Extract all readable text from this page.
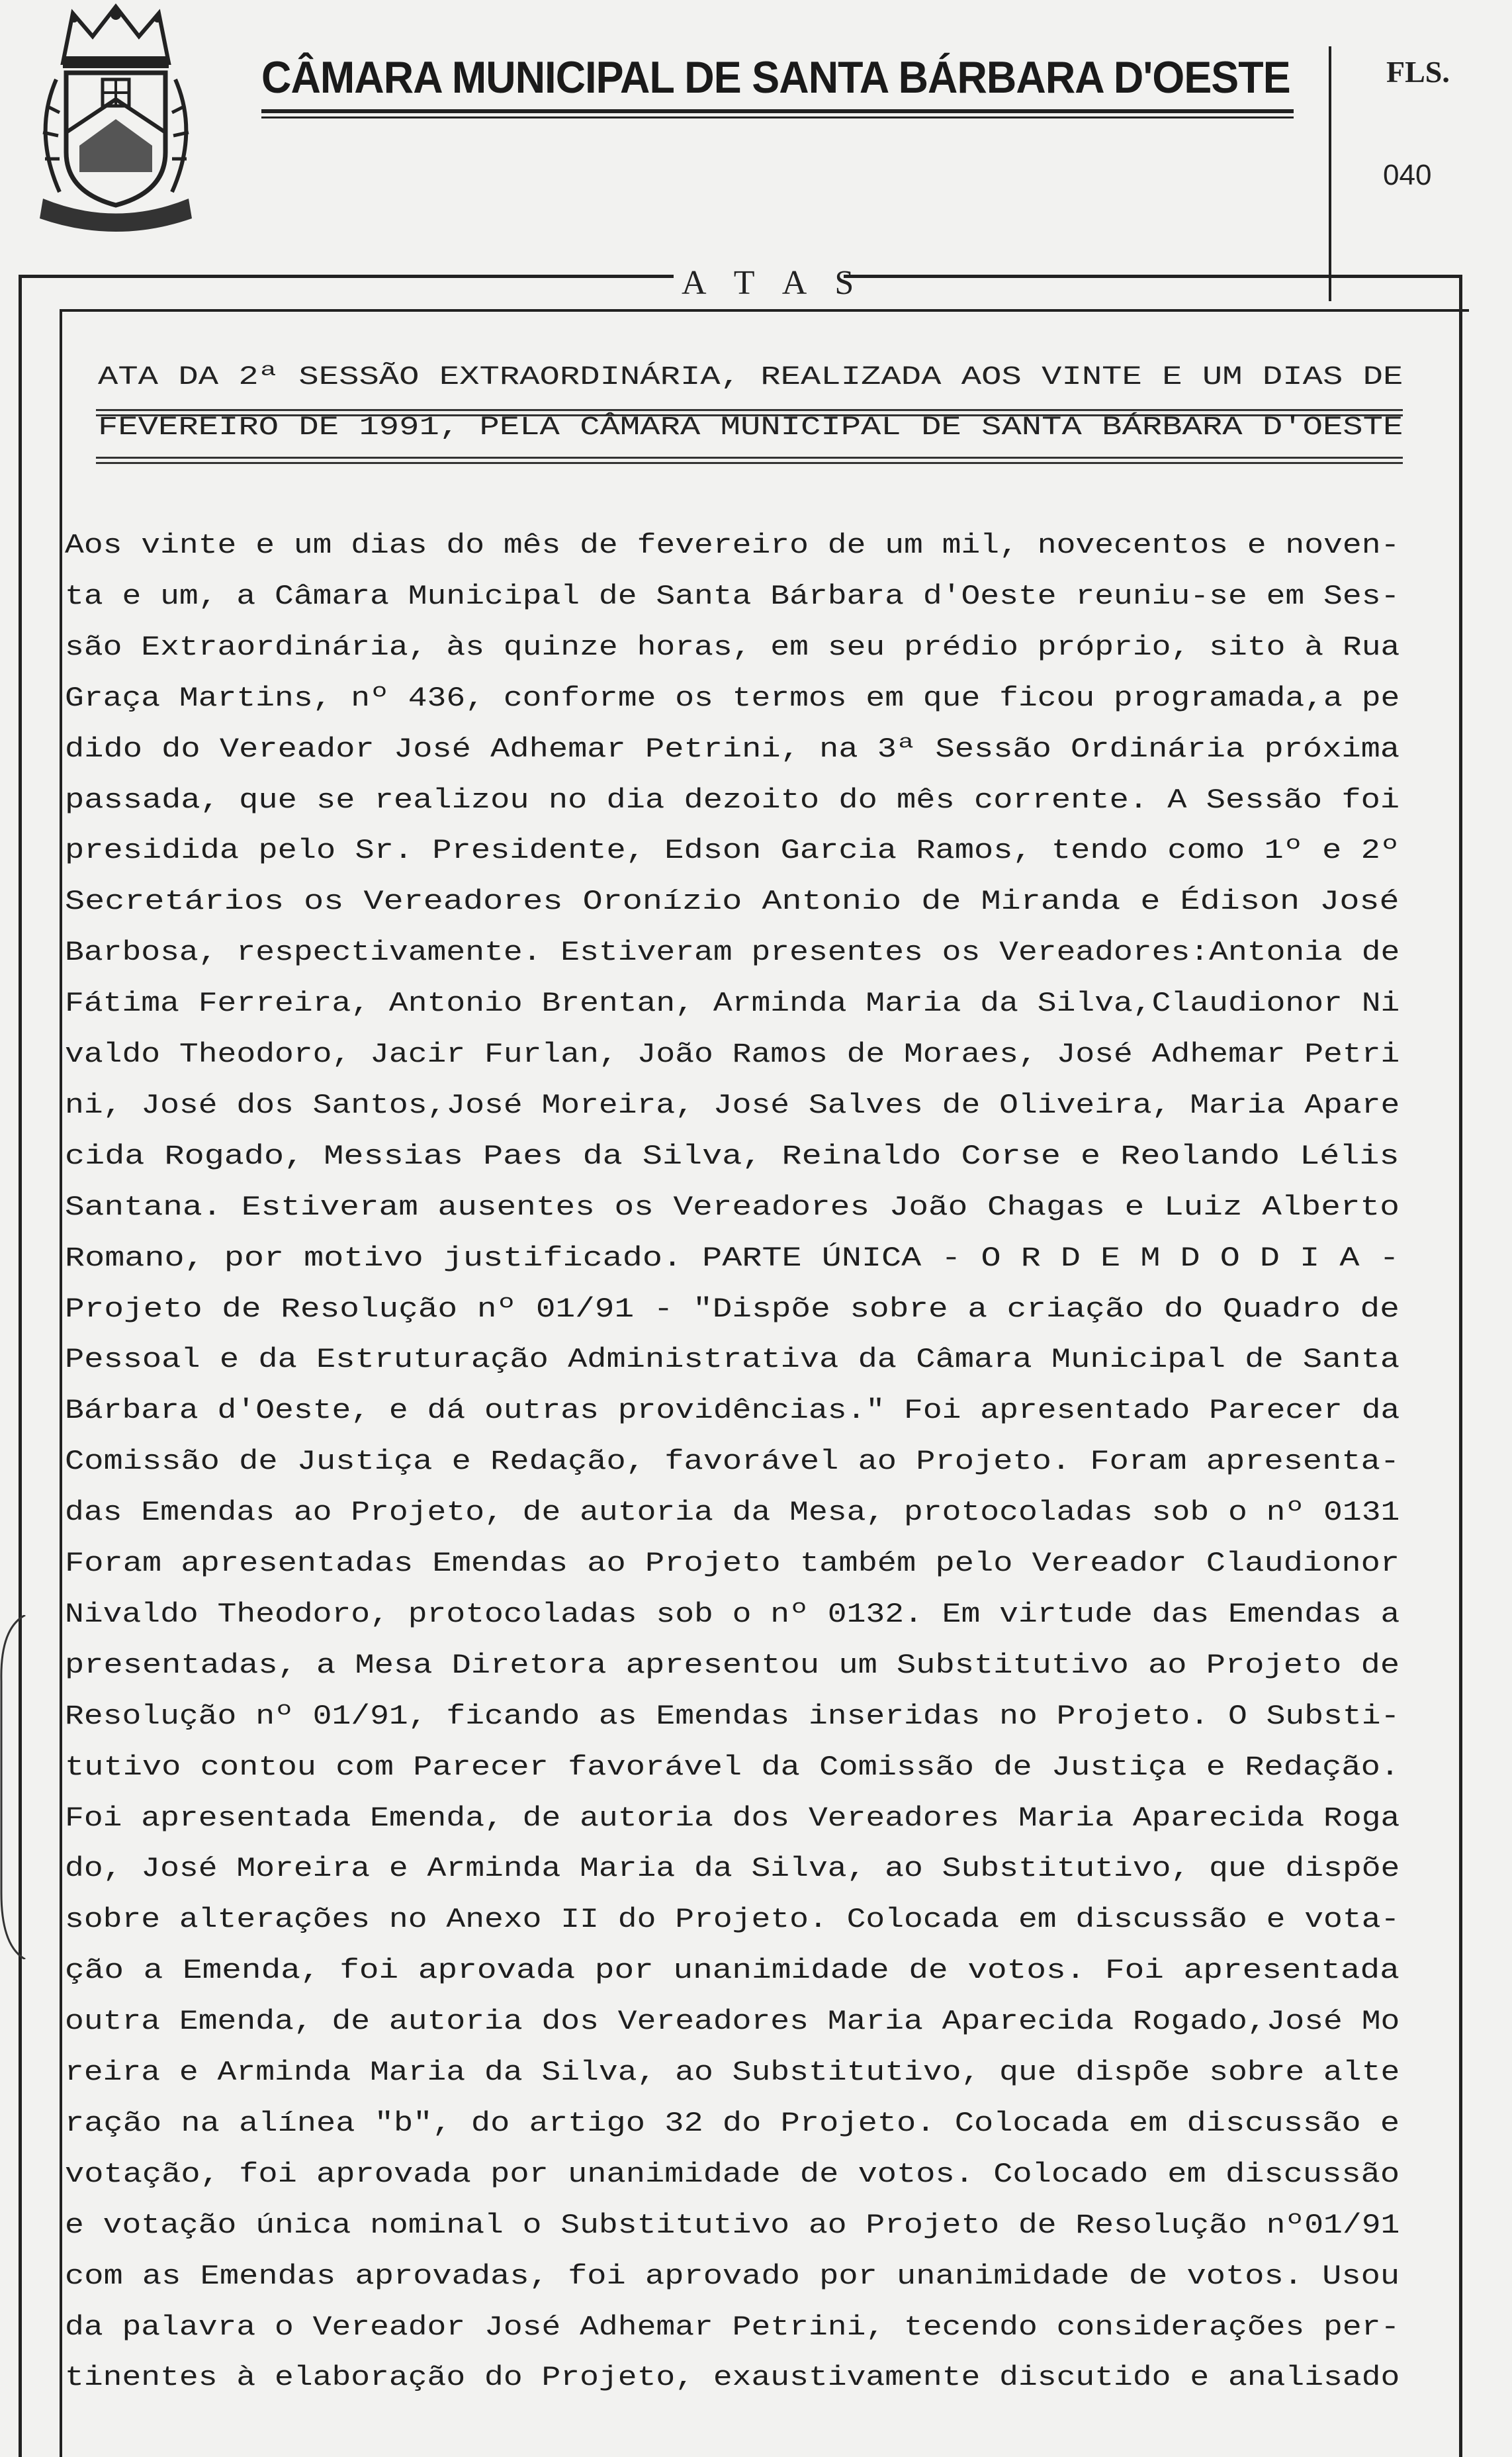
CÂMARA MUNICIPAL DE SANTA BÁRBARA D'OESTE	FLS.
040
A T A S
ATA DA 2ª SESSÃO EXTRAORDINÁRIA, REALIZADA AOS VINTE E UM DIAS DE
FEVEREIRO DE 1991, PELA CÂMARA MUNICIPAL DE SANTA BÁRBARA D'OESTE
Aos vinte e um dias do mês de fevereiro de um mil, novecentos e noven-
ta e um, a Câmara Municipal de Santa Bárbara d'Oeste reuniu-se em Ses-
são Extraordinária, às quinze horas, em seu prédio próprio, sito à Rua
Graça Martins, nº 436, conforme os termos em que ficou programada,a pe
dido do Vereador José Adhemar Petrini, na 3ª Sessão Ordinária próxima
passada, que se realizou no dia dezoito do mês corrente. A Sessão foi
presidida pelo Sr. Presidente, Edson Garcia Ramos, tendo como 1º e 2º
Secretários os Vereadores Oronízio Antonio de Miranda e Édison José
Barbosa, respectivamente. Estiveram presentes os Vereadores:Antonia de
Fátima Ferreira, Antonio Brentan, Arminda Maria da Silva,Claudionor Ni
valdo Theodoro, Jacir Furlan, João Ramos de Moraes, José Adhemar Petri
ni, José dos Santos,José Moreira, José Salves de Oliveira, Maria Apare
cida Rogado, Messias Paes da Silva, Reinaldo Corse e Reolando Lélis
Santana. Estiveram ausentes os Vereadores João Chagas e Luiz Alberto
Romano, por motivo justificado. PARTE ÚNICA - O R D E M D O D I A -
Projeto de Resolução nº 01/91 - "Dispõe sobre a criação do Quadro de
Pessoal e da Estruturação Administrativa da Câmara Municipal de Santa
Bárbara d'Oeste, e dá outras providências." Foi apresentado Parecer da
Comissão de Justiça e Redação, favorável ao Projeto. Foram apresenta-
das Emendas ao Projeto, de autoria da Mesa, protocoladas sob o nº 0131
Foram apresentadas Emendas ao Projeto também pelo Vereador Claudionor
Nivaldo Theodoro, protocoladas sob o nº 0132. Em virtude das Emendas a
presentadas, a Mesa Diretora apresentou um Substitutivo ao Projeto de
Resolução nº 01/91, ficando as Emendas inseridas no Projeto. O Substi-
tutivo contou com Parecer favorável da Comissão de Justiça e Redação.
Foi apresentada Emenda, de autoria dos Vereadores Maria Aparecida Roga
do, José Moreira e Arminda Maria da Silva, ao Substitutivo, que dispõe
sobre alterações no Anexo II do Projeto. Colocada em discussão e vota-
ção a Emenda, foi aprovada por unanimidade de votos. Foi apresentada
outra Emenda, de autoria dos Vereadores Maria Aparecida Rogado,José Mo
reira e Arminda Maria da Silva, ao Substitutivo, que dispõe sobre alte
ração na alínea "b", do artigo 32 do Projeto. Colocada em discussão e
votação, foi aprovada por unanimidade de votos. Colocado em discussão
e votação única nominal o Substitutivo ao Projeto de Resolução nº01/91
com as Emendas aprovadas, foi aprovado por unanimidade de votos. Usou
da palavra o Vereador José Adhemar Petrini, tecendo considerações per-
tinentes à elaboração do Projeto, exaustivamente discutido e analisado
